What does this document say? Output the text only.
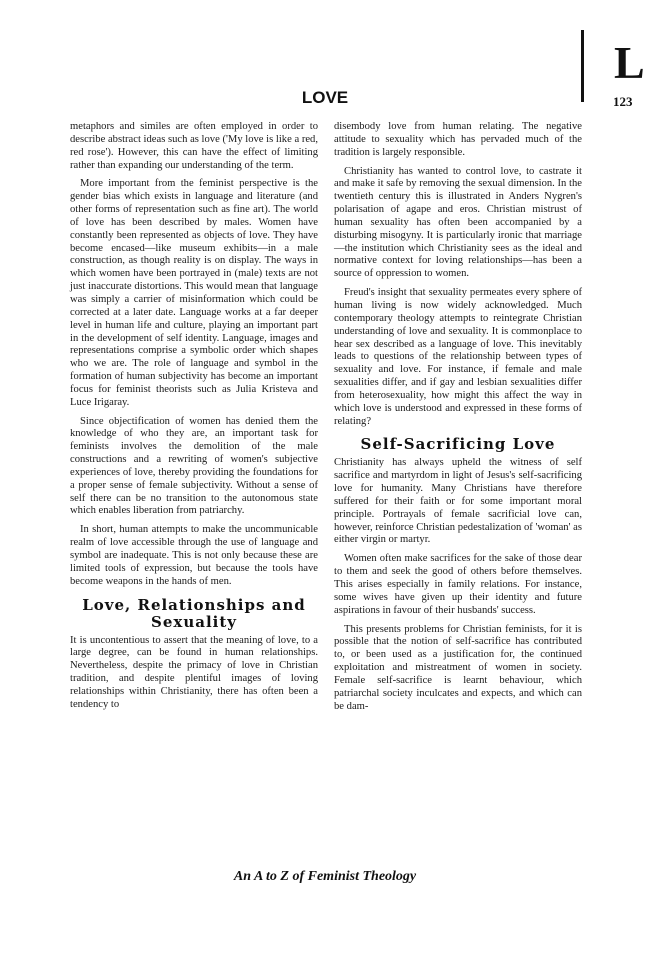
L
123
LOVE

metaphors and similes are often employed in order to describe abstract ideas such as love ('My love is like a red, red rose'). However, this can have the effect of limiting rather than expanding our understanding of the term.

More important from the feminist perspective is the gender bias which exists in language and literature (and other forms of representation such as fine art). The world of love has been described by males. Women have constantly been represented as objects of love. They have become encased—like museum exhibits—in a male construction, as though reality is on display. The ways in which women have been portrayed in (male) texts are not just inaccurate distortions. This would mean that language was simply a carrier of misinformation which could be corrected at a later date. Language works at a far deeper level in human life and culture, playing an important part in the development of self identity. Language, images and representations comprise a symbolic order which shapes who we are. The role of language and symbol in the formation of human subjectivity has become an important focus for feminist theorists such as Julia Kristeva and Luce Irigaray.

Since objectification of women has denied them the knowledge of who they are, an important task for feminists involves the demolition of the male constructions and a rewriting of women's subjective experiences of love, thereby providing the foundations for a proper sense of female subjectivity. Without a sense of self there can be no transition to the autonomous state which enables liberation from patriarchy.

In short, human attempts to make the uncommunicable realm of love accessible through the use of language and symbol are inadequate. This is not only because these are limited tools of expression, but because the tools have become weapons in the hands of men.

Love, Relationships and Sexuality

It is uncontentious to assert that the meaning of love, to a large degree, can be found in human relationships. Nevertheless, despite the primacy of love in Christian tradition, and despite plentiful images of loving relationships within Christianity, there has often been a tendency to

disembody love from human relating. The negative attitude to sexuality which has pervaded much of the tradition is largely responsible.

Christianity has wanted to control love, to castrate it and make it safe by removing the sexual dimension. In the twentieth century this is illustrated in Anders Nygren's polarisation of agape and eros. Christian mistrust of human sexuality has often been accompanied by a disturbing misogyny. It is particularly ironic that marriage—the institution which Christianity sees as the ideal and normative context for loving relationships—has been a source of oppression to women.

Freud's insight that sexuality permeates every sphere of human living is now widely acknowledged. Much contemporary theology attempts to reintegrate Christian understanding of love and sexuality. It is commonplace to hear sex described as a language of love. This inevitably leads to questions of the relationship between types of sexuality and love. For instance, if female and male sexualities differ, and if gay and lesbian sexualities differ from heterosexuality, how might this affect the way in which love is understood and expressed in these forms of relating?

Self-Sacrificing Love

Christianity has always upheld the witness of self sacrifice and martyrdom in light of Jesus's self-sacrificing love for humanity. Many Christians have therefore suffered for their faith or for some important moral principle. Portrayals of female sacrificial love can, however, reinforce Christian pedestalization of 'woman' as either virgin or martyr.

Women often make sacrifices for the sake of those dear to them and seek the good of others before themselves. This arises especially in family relations. For instance, some wives have given up their identity and future aspirations in favour of their husbands' success.

This presents problems for Christian feminists, for it is possible that the notion of self-sacrifice has contributed to, or been used as a justification for, the continued exploitation and mistreatment of women in society. Female self-sacrifice is learnt behaviour, which patriarchal society inculcates and expects, and which can be dam-

An A to Z of Feminist Theology
